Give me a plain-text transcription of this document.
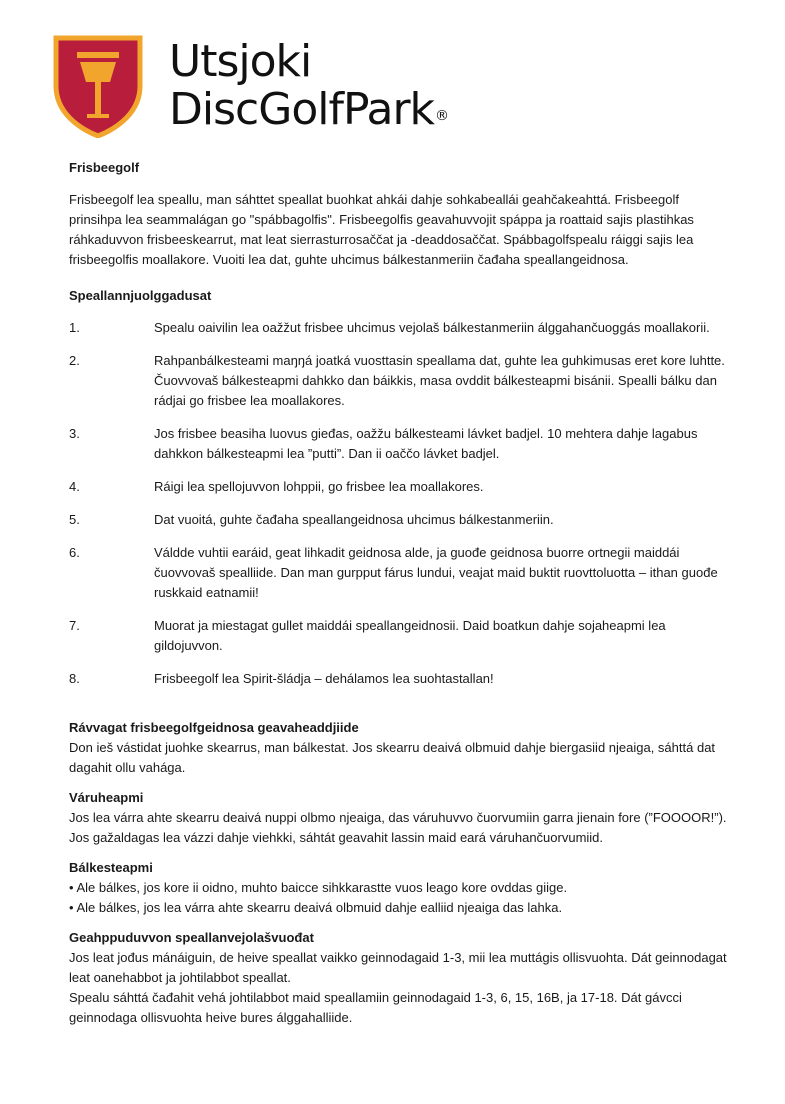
Utsjoki
DiscGolfPark®
Frisbeegolf

Frisbeegolf lea speallu, man sáhttet speallat buohkat ahkái dahje sohkabeallái geahčakeahttá. Frisbeegolf prinsihpa lea seammalágan go "spábbagolfis". Frisbeegolfis geavahuvvojit spáppa ja roattaid sajis plastihkas ráhkaduvvon frisbeeskearrut, mat leat sierrasturrosaččat ja -deaddosaččat. Spábbagolfspealu ráiggi sajis lea frisbeegolfis moallakore. Vuoiti lea dat, guhte uhcimus bálkestanmeriin čađaha speallangeidnosa.

Speallannjuolggadusat
1.	Spealu oaivilin lea oažžut frisbee uhcimus vejolaš bálkestanmeriin álggahančuoggás moallakorii.
2.	Rahpanbálkesteami maŋŋá joatká vuosttasin speallama dat, guhte lea guhkimusas eret kore luhtte. Čuovvovaš bálkesteapmi dahkko dan báikkis, masa ovddit bálkesteapmi bisánii. Spealli bálku dan rádjai go frisbee lea moallakores.
3.	Jos frisbee beasiha luovus gieđas, oažžu bálkesteami lávket badjel. 10 mehtera dahje lagabus dahkkon bálkesteapmi lea ”putti”. Dan ii oaččo lávket badjel.
4.	Ráigi lea spellojuvvon lohppii, go frisbee lea moallakores.
5.	Dat vuoitá, guhte čađaha speallangeidnosa uhcimus bálkestanmeriin.
6.	Váldde vuhtii earáid, geat lihkadit geidnosa alde, ja guođe geidnosa buorre ortnegii maiddái čuovvovaš spealliide. Dan man gurpput fárus lundui, veajat maid buktit ruovttoluotta – ithan guođe ruskkaid eatnamii!
7.	Muorat ja miestagat gullet maiddái speallangeidnosii. Daid boatkun dahje sojaheapmi lea gildojuvvon.
8.	Frisbeegolf lea Spirit-šládja – dehálamos lea suohtastallan!
Rávvagat frisbeegolfgeidnosa geavaheaddjiide

Don ieš vástidat juohke skearrus, man bálkestat. Jos skearru deaivá olbmuid dahje biergasiid njeaiga, sáhttá dat dagahit ollu vahága.

Váruheapmi

Jos lea várra ahte skearru deaivá nuppi olbmo njeaiga, das váruhuvvo čuorvumiin garra jienain fore (”FOOOOR!”). Jos gažaldagas lea vázzi dahje viehkki, sáhtát geavahit lassin maid eará váruhančuorvumiid.

Bálkesteapmi

• Ale bálkes, jos kore ii oidno, muhto baicce sihkkarastte vuos leago kore ovddas giige.

• Ale bálkes, jos lea várra ahte skearru deaivá olbmuid dahje ealliid njeaiga das lahka.

Geahppuduvvon speallanvejolašvuođat

Jos leat jođus mánáiguin, de heive speallat vaikko geinnodagaid 1-3, mii lea muttágis ollisvuohta. Dát geinnodagat leat oanehabbot ja johtilabbot speallat.

Spealu sáhttá čađahit vehá johtilabbot maid speallamiin geinnodagaid 1-3, 6, 15, 16B, ja 17-18. Dát gávcci geinnodaga ollisvuohta heive bures álggahalliide.
